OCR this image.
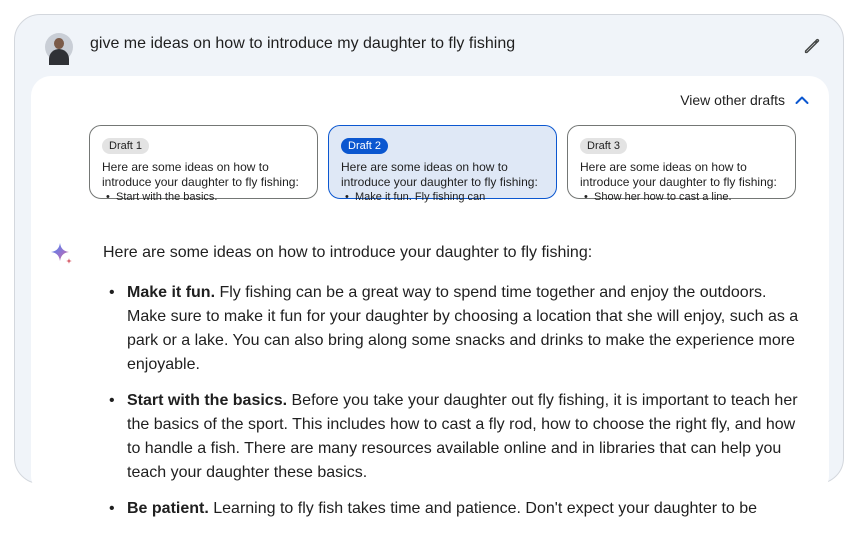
give me ideas on how to introduce my daughter to fly fishing
View other drafts
Draft 1
Here are some ideas on how to introduce your daughter to fly fishing:
• Start with the basics.
Draft 2
Here are some ideas on how to introduce your daughter to fly fishing:
• Make it fun. Fly fishing can
Draft 3
Here are some ideas on how to introduce your daughter to fly fishing:
• Show her how to cast a line.
Here are some ideas on how to introduce your daughter to fly fishing:
• Make it fun. Fly fishing can be a great way to spend time together and enjoy the outdoors. Make sure to make it fun for your daughter by choosing a location that she will enjoy, such as a park or a lake. You can also bring along some snacks and drinks to make the experience more enjoyable.
• Start with the basics. Before you take your daughter out fly fishing, it is important to teach her the basics of the sport. This includes how to cast a fly rod, how to choose the right fly, and how to handle a fish. There are many resources available online and in libraries that can help you teach your daughter these basics.
• Be patient. Learning to fly fish takes time and patience. Don't expect your daughter to be
